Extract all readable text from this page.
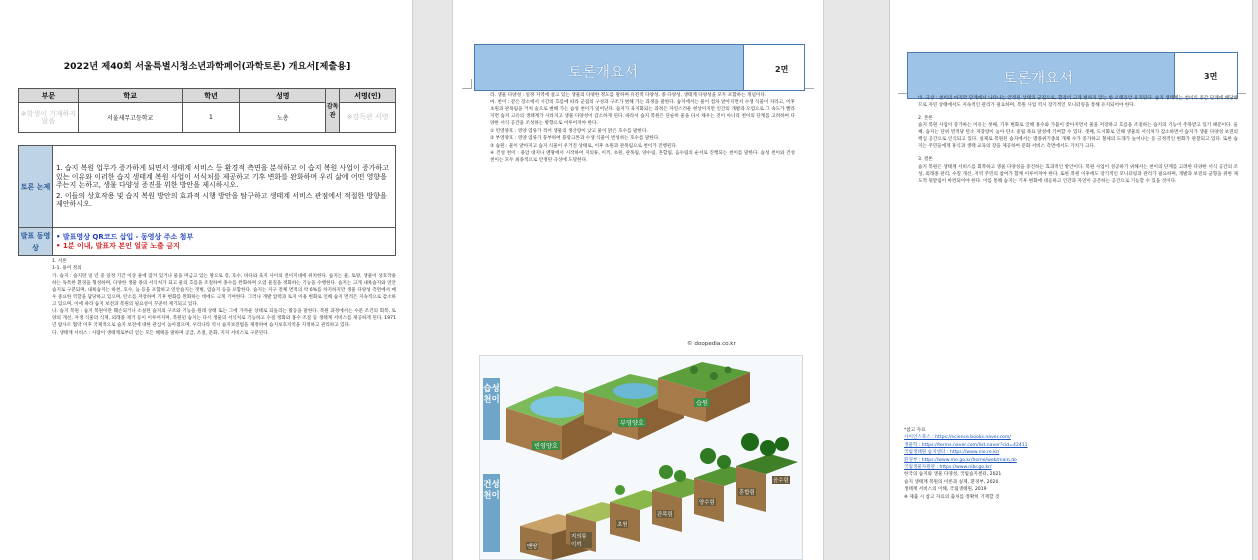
2022년 제40회 서울특별시청소년과학페어(과학토론) 개요서[제출용]
부문	학교	학년	성명	감독관	서명(인)
※학생이 기재하지 않음	서울세무고등학교	1	노총		※감독관 서명
토론 논제	1. 습지 복원 업무가 증가하게 되면서 생태계 서비스 등 환경적 측면을 분석하고 이 습지 복원 사업이 증가하고 있는 이유와 이러한 습지 생태계 복원 사업이 서식처를 제공하고 기후 변화를 완화하며 우리 삶에 어떤 영향을 주는지 논하고, 생물 다양성 증진을 위한 방안을 제시하시오.
2. 이들의 상호작용 및 습지 복원 방안의 효과적 시행 방안을 탐구하고 생태계 서비스 관점에서 적절한 방향을 제안하시오.

발표 동영상	• 발표영상 QR코드 삽입 - 동영상 주소 첨부
• 1분 이내, 발표자 본인 얼굴 노출 금지

1. 서론

1-1. 용어 정의

가. 습지 : 습지란 일 년 중 일정 기간 이상 물에 잠겨 있거나 물을 머금고 있는 땅으로 강, 호수, 바다와 육지 사이의 전이지대에 위치한다. 습지는 물, 토양, 생물이 상호작용하는 독특한 환경을 형성하며, 다양한 생물 종의 서식처가 되고 물의 흐름을 조절하여 홍수를 완화하며 오염 물질을 정화하는 기능을 수행한다. 습지는 크게 내륙습지와 연안습지로 구분되며, 내륙습지는 하천, 호수, 늪 등을 포함하고 연안습지는 갯벌, 염습지 등을 포함한다. 습지는 지구 전체 면적의 약 6%를 차지하지만 생물 다양성 측면에서 매우 중요한 역할을 담당하고 있으며, 탄소를 저장하여 기후 변화를 완화하는 데에도 크게 기여한다. 그러나 개발 압력과 토지 이용 변화로 인해 습지 면적은 지속적으로 감소하고 있으며, 이에 따라 습지 보전과 복원의 필요성이 꾸준히 제기되고 있다.

나. 습지 복원 : 습지 복원이란 훼손되거나 소실된 습지의 구조와 기능을 원래 상태 또는 그에 가까운 상태로 되돌리는 활동을 말한다. 복원 과정에서는 수문 조건의 회복, 토양의 개선, 자생 식물의 식재, 외래종 제거 등이 이루어지며, 복원된 습지는 다시 생물의 서식처로 기능하고 수질 정화와 홍수 조절 등 생태계 서비스를 제공하게 된다. 1971년 람사르 협약 이후 국제적으로 습지 보전에 대한 관심이 높아졌으며, 우리나라 역시 습지보전법을 제정하여 습지보호지역을 지정하고 관리하고 있다.

다. 생태계 서비스 : 사람이 생태계로부터 얻는 모든 혜택을 말하며 공급, 조절, 문화, 지지 서비스로 구분된다.

토론개요서	2면

라. 생물 다양성 : 일정 지역에 살고 있는 생물의 다양한 정도를 말하며 유전적 다양성, 종 다양성, 생태계 다양성을 모두 포함하는 개념이다.

마. 천이 : 같은 장소에서 시간의 흐름에 따라 군집의 구성과 구조가 변해 가는 과정을 말한다. 습지에서는 물이 점차 얕아지면서 수생 식물이 자라고, 이후 초원과 관목림을 거쳐 숲으로 변해 가는 습성 천이가 일어난다. 습지가 육지화되는 과정은 자연스러운 현상이지만 인간의 개발과 오염으로 그 속도가 빨라지면 습지 고유의 생태계가 사라지고 생물 다양성이 감소하게 된다. 따라서 습지 복원은 단순히 물을 다시 채우는 것이 아니라 천이의 단계를 고려하여 다양한 서식 공간을 조성하는 방향으로 이루어져야 한다.

① 빈영양호 : 영양 염류가 적어 생물의 생산량이 낮고 물이 맑은 호수를 말한다.

② 부영양호 : 영양 염류가 풍부하여 플랑크톤과 수생 식물이 번성하는 호수를 말한다.

③ 습원 : 물이 얕아지고 습지 식물이 우거진 상태로, 이후 초원과 관목림으로 천이가 진행된다.

④ 건성 천이 : 용암 대지나 맨땅에서 시작하여 지의류, 이끼, 초원, 관목림, 양수림, 혼합림, 음수림의 순서로 진행되는 천이를 말한다. 습성 천이와 건성 천이는 모두 최종적으로 안정된 극상에 도달한다.

© doopedia.co.kr
습성천이
건성천이
빈영양호
부영양호
습원
맨땅
지의류 이끼
초원
관목림
양수림
혼합림
음수림
토론개요서	3면

바. 극상 : 천이의 마지막 단계에서 나타나는 안정된 상태의 군집으로, 환경이 크게 변하지 않는 한 오랫동안 유지된다. 습지 생태계는 천이의 중간 단계에 해당하므로 자연 상태에서도 지속적인 관리가 필요하며, 복원 사업 역시 장기적인 모니터링을 통해 유지되어야 한다.

2. 본론

습지 복원 사업이 증가하는 이유는 첫째, 기후 변화로 인해 홍수와 가뭄이 잦아지면서 물을 저장하고 흐름을 조절하는 습지의 기능이 주목받고 있기 때문이다. 둘째, 습지는 단위 면적당 탄소 저장량이 높아 탄소 중립 목표 달성에 기여할 수 있다. 셋째, 도시화로 인해 생물의 서식처가 감소하면서 습지가 생물 다양성 보전의 핵심 공간으로 인식되고 있다. 실제로 복원된 습지에서는 멸종위기종의 개체 수가 증가하고 철새의 도래가 늘어나는 등 긍정적인 변화가 관찰되고 있다. 또한 습지는 주민들에게 휴식과 생태 교육의 장을 제공하여 문화 서비스 측면에서도 가치가 크다.

3. 결론

습지 복원은 생태계 서비스를 회복하고 생물 다양성을 증진하는 효과적인 방안이다. 복원 사업이 성공하기 위해서는 천이의 단계를 고려한 다양한 서식 공간의 조성, 외래종 관리, 수질 개선, 지역 주민의 참여가 함께 이루어져야 한다. 또한 복원 이후에도 장기적인 모니터링과 관리가 필요하며, 개발과 보전의 균형을 위한 제도적 뒷받침이 마련되어야 한다. 이를 통해 습지는 기후 변화에 대응하고 인간과 자연이 공존하는 공간으로 기능할 수 있을 것이다.

*참고 자료

사이언스북스 : https://science.books.naver.com/

생물학 : https://terms.naver.com/list.naver?cid=42411

국립생태원 습지센터 : https://www.nie.re.kr/

환경부 : https://www.me.go.kr/home/web/main.do

국립생물자원관 : https://www.nibr.go.kr/

한국의 습지와 생물 다양성, 국립습지센터, 2021

습지 생태계 복원의 이론과 실제, 환경부, 2020

생태계 서비스의 이해, 국립생태원, 2019

※ 제출 시 참고 자료의 출처를 정확히 기재할 것
